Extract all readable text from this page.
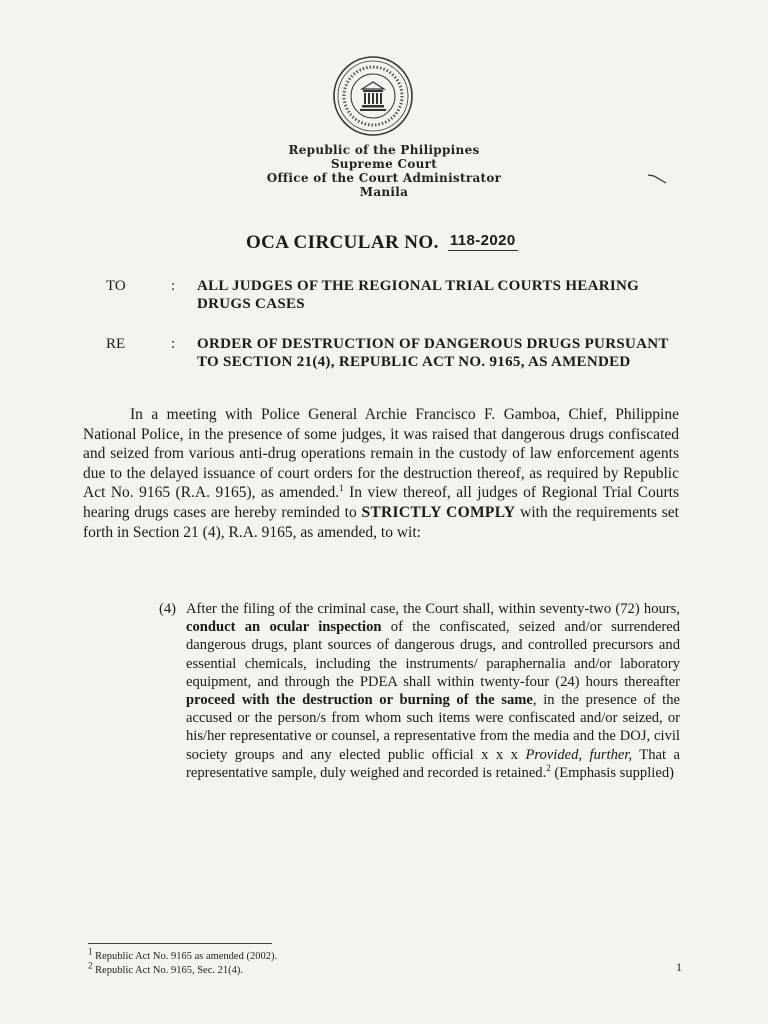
Republic of the Philippines
Supreme Court
Office of the Court Administrator
Manila
OCA CIRCULAR NO. 118-2020
TO	: ALL JUDGES OF THE REGIONAL TRIAL COURTS HEARING DRUGS CASES
RE	: ORDER OF DESTRUCTION OF DANGEROUS DRUGS PURSUANT TO SECTION 21(4), REPUBLIC ACT NO. 9165, AS AMENDED
In a meeting with Police General Archie Francisco F. Gamboa, Chief, Philippine National Police, in the presence of some judges, it was raised that dangerous drugs confiscated and seized from various anti-drug operations remain in the custody of law enforcement agents due to the delayed issuance of court orders for the destruction thereof, as required by Republic Act No. 9165 (R.A. 9165), as amended.$^1$ In view thereof, all judges of Regional Trial Courts hearing drugs cases are hereby reminded to STRICTLY COMPLY with the requirements set forth in Section 21 (4), R.A. 9165, as amended, to wit:
(4) After the filing of the criminal case, the Court shall, within seventy-two (72) hours, conduct an ocular inspection of the confiscated, seized and/or surrendered dangerous drugs, plant sources of dangerous drugs, and controlled precursors and essential chemicals, including the instruments/ paraphernalia and/or laboratory equipment, and through the PDEA shall within twenty-four (24) hours thereafter proceed with the destruction or burning of the same, in the presence of the accused or the person/s from whom such items were confiscated and/or seized, or his/her representative or counsel, a representative from the media and the DOJ, civil society groups and any elected public official x x x Provided, further, That a representative sample, duly weighed and recorded is retained.$^2$ (Emphasis supplied)
$^1$ Republic Act No. 9165 as amended (2002).
$^2$ Republic Act No. 9165, Sec. 21(4).	1
